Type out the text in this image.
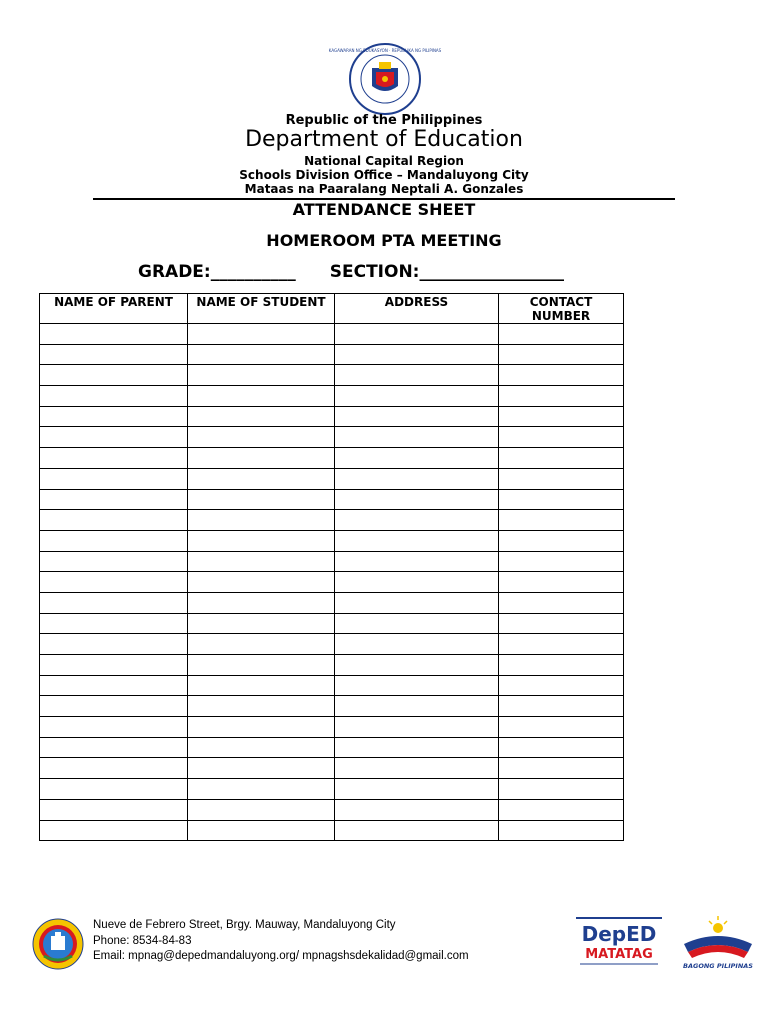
KAGAWARAN NG EDUKASYON · REPUBLIKA NG PILIPINAS
Republic of the Philippines
Department of Education
National Capital Region
Schools Division Office – Mandaluyong City
Mataas na Paaralang Neptali A. Gonzales
ATTENDANCE SHEET
HOMEROOM PTA MEETING
GRADE:__________ SECTION:_________________
NAME OF PARENT	NAME OF STUDENT	ADDRESS	CONTACT NUMBER

Nueve de Febrero Street, Brgy. Mauway, Mandaluyong City
Phone: 8534-84-83
Email: mpnag@depedmandaluyong.org/ mpnagshsdekalidad@gmail.com
DepED
MATATAG
BAGONG PILIPINAS
